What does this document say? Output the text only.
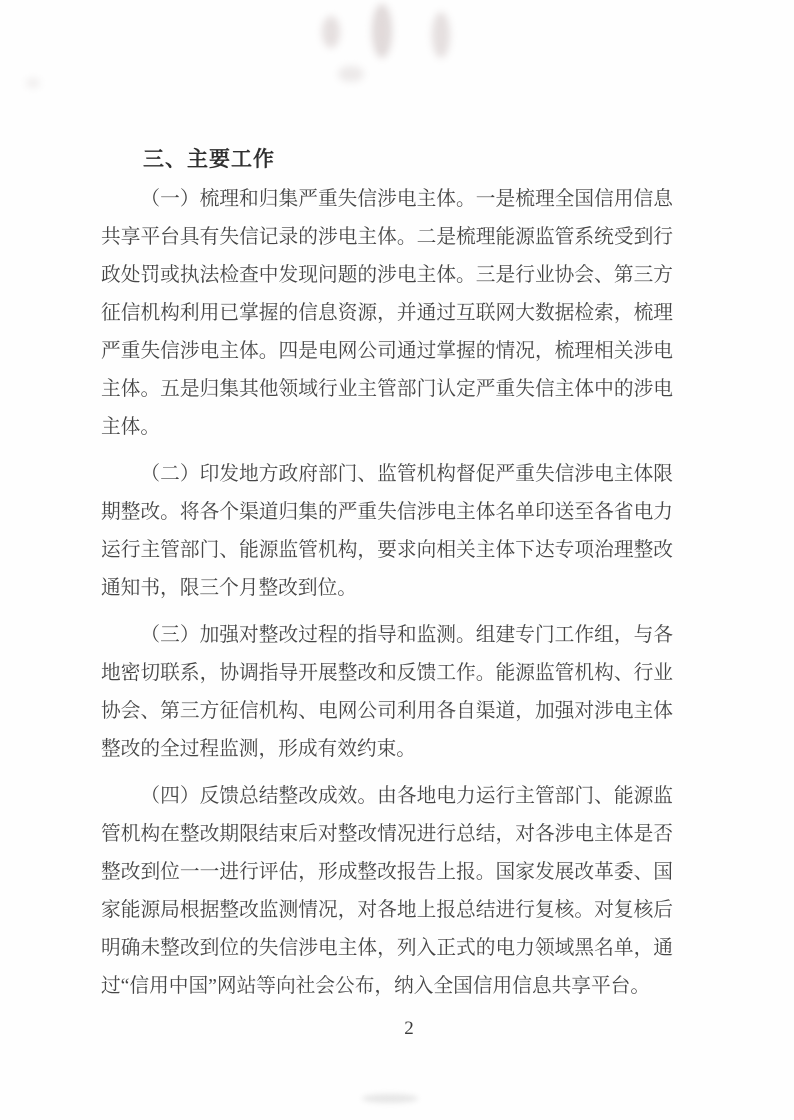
三、主要工作

（一）梳理和归集严重失信涉电主体。一是梳理全国信用信息共享平台具有失信记录的涉电主体。二是梳理能源监管系统受到行政处罚或执法检查中发现问题的涉电主体。三是行业协会、第三方征信机构利用已掌握的信息资源，并通过互联网大数据检索，梳理严重失信涉电主体。四是电网公司通过掌握的情况，梳理相关涉电主体。五是归集其他领域行业主管部门认定严重失信主体中的涉电主体。

（二）印发地方政府部门、监管机构督促严重失信涉电主体限期整改。将各个渠道归集的严重失信涉电主体名单印送至各省电力运行主管部门、能源监管机构，要求向相关主体下达专项治理整改通知书，限三个月整改到位。

（三）加强对整改过程的指导和监测。组建专门工作组，与各地密切联系，协调指导开展整改和反馈工作。能源监管机构、行业协会、第三方征信机构、电网公司利用各自渠道，加强对涉电主体整改的全过程监测，形成有效约束。

（四）反馈总结整改成效。由各地电力运行主管部门、能源监管机构在整改期限结束后对整改情况进行总结，对各涉电主体是否整改到位一一进行评估，形成整改报告上报。国家发展改革委、国家能源局根据整改监测情况，对各地上报总结进行复核。对复核后明确未整改到位的失信涉电主体，列入正式的电力领域黑名单，通过“信用中国”网站等向社会公布，纳入全国信用信息共享平台。

2
